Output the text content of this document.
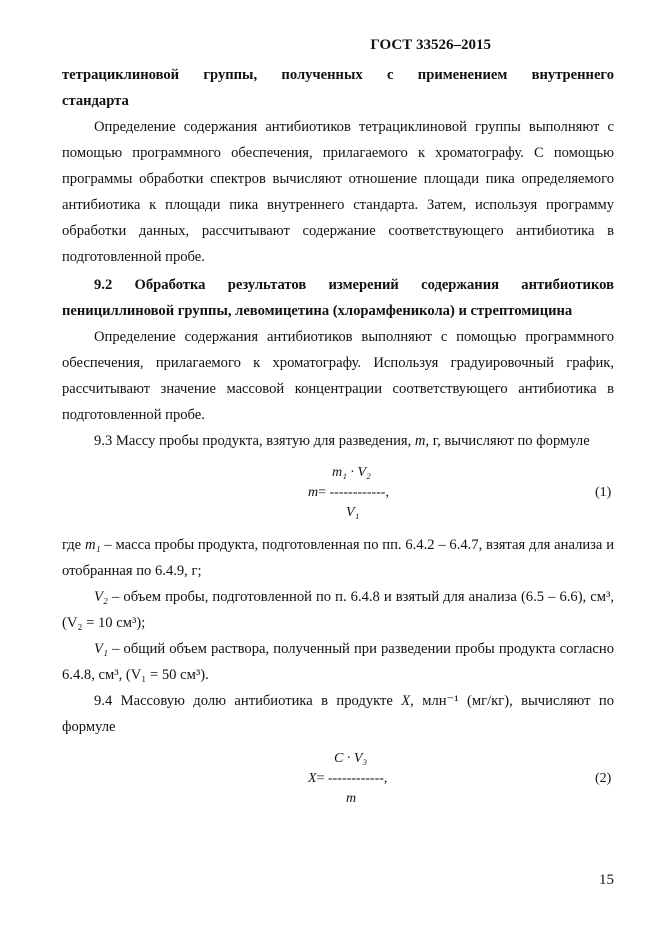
ГОСТ 33526–2015

тетрациклиновой группы, полученных с применением внутреннего

стандарта

Определение содержания антибиотиков тетрациклиновой группы выполняют с помощью программного обеспечения, прилагаемого к хроматографу. С помощью программы обработки спектров вычисляют отношение площади пика определяемого антибиотика к площади пика внутреннего стандарта. Затем, используя программу обработки данных, рассчитывают содержание соответствующего антибиотика в подготовленной пробе.

9.2 Обработка результатов измерений содержания антибиотиков пенициллиновой группы, левомицетина (хлорамфеникола) и стрептомицина

Определение содержания антибиотиков выполняют с помощью программного обеспечения, прилагаемого к хроматографу. Используя градуировочный график, рассчитывают значение массовой концентрации соответствующего антибиотика в подготовленной пробе.

9.3 Массу пробы продукта, взятую для разведения, m, г, вычисляют по формуле

m₁ · V₂
m= ------------,
V₁
(1)

где m₁ – масса пробы продукта, подготовленная по пп. 6.4.2 – 6.4.7, взятая для анализа и отобранная по 6.4.9, г;

V₂ – объем пробы, подготовленной по п. 6.4.8 и взятый для анализа (6.5 – 6.6), см³, (V₂ = 10 см³);

V₁ – общий объем раствора, полученный при разведении пробы продукта согласно 6.4.8, см³, (V₁ = 50 см³).

9.4 Массовую долю антибиотика в продукте X, млн⁻¹ (мг/кг), вычисляют по формуле

C · V₃
X= ------------,
m
(2)
15
